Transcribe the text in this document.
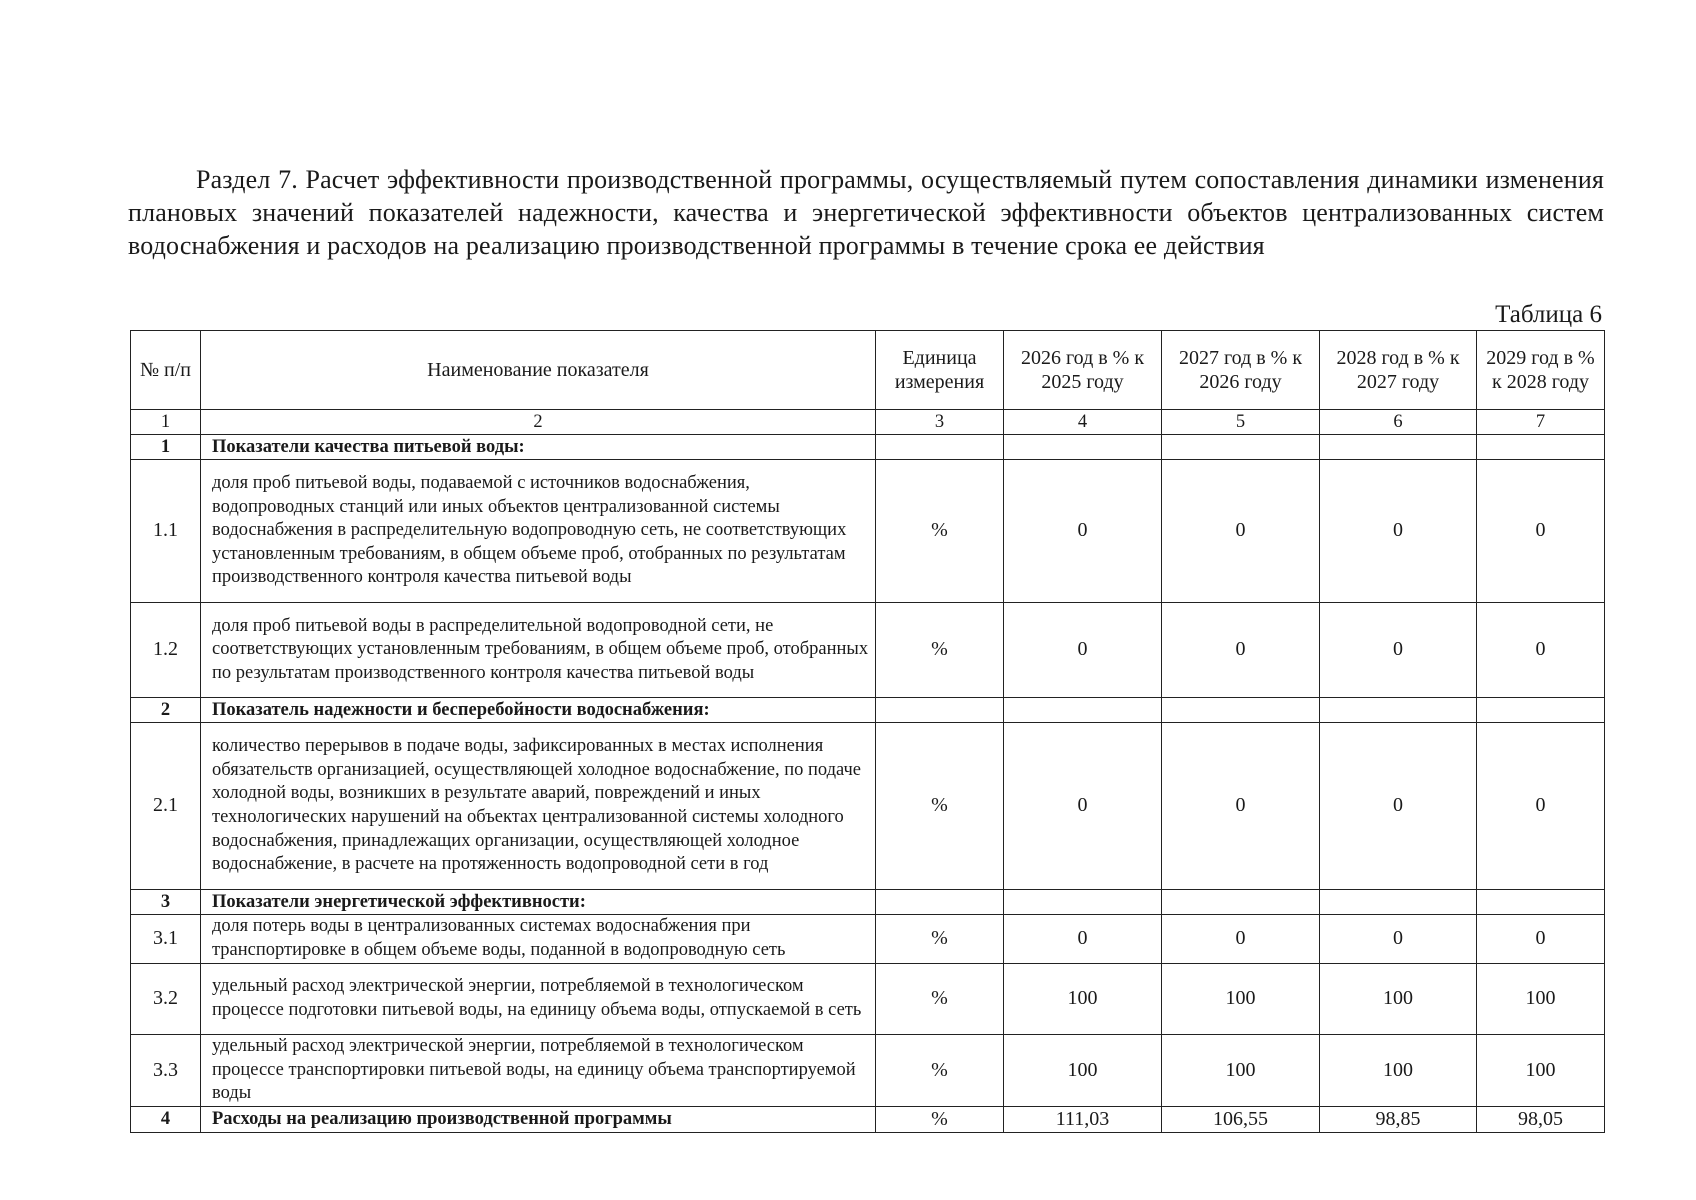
Раздел 7. Расчет эффективности производственной программы, осуществляемый путем сопоставления динамики изменения плановых значений показателей надежности, качества и энергетической эффективности объектов централизованных систем водоснабжения и расходов на реализацию производственной программы в течение срока ее действия
Таблица 6
№ п/п	Наименование показателя	Единица измерения	2026 год в % к 2025 году	2027 год в % к 2026 году	2028 год в % к 2027 году	2029 год в % к 2028 году
1	2	3	4	5	6	7
1	Показатели качества питьевой воды:					
1.1	доля проб питьевой воды, подаваемой с источников водоснабжения, водопроводных станций или иных объектов централизованной системы водоснабжения в распределительную водопроводную сеть, не соответствующих установленным требованиям, в общем объеме проб, отобранных по результатам производственного контроля качества питьевой воды	%	0	0	0	0
1.2	доля проб питьевой воды в распределительной водопроводной сети, не соответствующих установленным требованиям, в общем объеме проб, отобранных по результатам производственного контроля качества питьевой воды	%	0	0	0	0
2	Показатель надежности и бесперебойности водоснабжения:					
2.1	количество перерывов в подаче воды, зафиксированных в местах исполнения обязательств организацией, осуществляющей холодное водоснабжение, по подаче холодной воды, возникших в результате аварий, повреждений и иных технологических нарушений на объектах централизованной системы холодного водоснабжения, принадлежащих организации, осуществляющей холодное водоснабжение, в расчете на протяженность водопроводной сети в год	%	0	0	0	0
3	Показатели энергетической эффективности:					
3.1	доля потерь воды в централизованных системах водоснабжения при транспортировке в общем объеме воды, поданной в водопроводную сеть	%	0	0	0	0
3.2	удельный расход электрической энергии, потребляемой в технологическом процессе подготовки питьевой воды, на единицу объема воды, отпускаемой в сеть	%	100	100	100	100
3.3	удельный расход электрической энергии, потребляемой в технологическом процессе транспортировки питьевой воды, на единицу объема транспортируемой воды	%	100	100	100	100
4	Расходы на реализацию производственной программы	%	111,03	106,55	98,85	98,05
